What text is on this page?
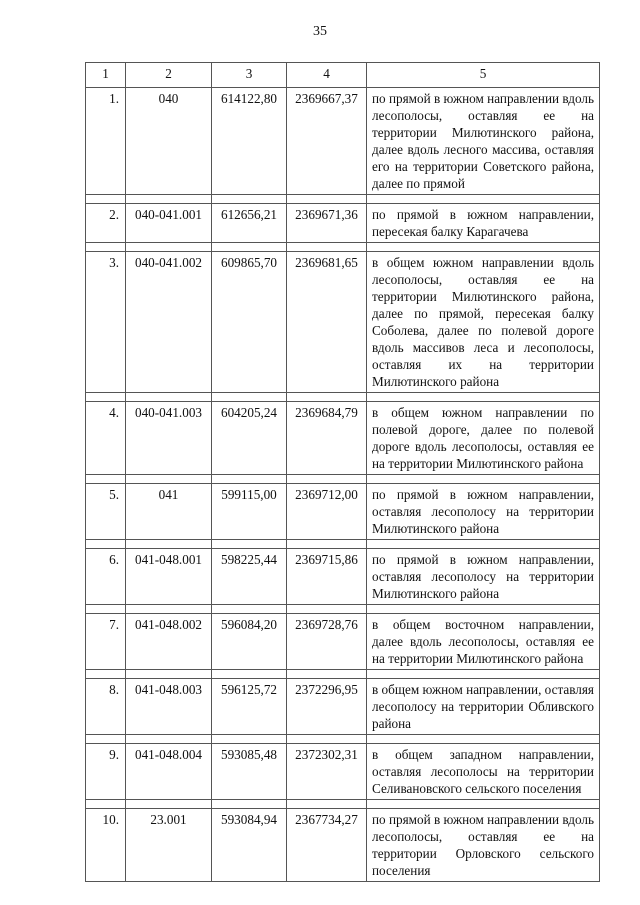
35
1	2	3	4	5
1.	040	614122,80	2369667,37	по прямой в южном направлении вдоль лесополосы, оставляя ее на территории Милютинского района, далее вдоль лесного массива, оставляя его на территории Советского района, далее по прямой

2.	040-041.001	612656,21	2369671,36	по прямой в южном направлении, пересекая балку Карагачева

3.	040-041.002	609865,70	2369681,65	в общем южном направлении вдоль лесополосы, оставляя ее на территории Милютинского района, далее по прямой, пересекая балку Соболева, далее по полевой дороге вдоль массивов леса и лесополосы, оставляя их на территории Милютинского района

4.	040-041.003	604205,24	2369684,79	в общем южном направлении по полевой дороге, далее по полевой дороге вдоль лесополосы, оставляя ее на территории Милютинского района

5.	041	599115,00	2369712,00	по прямой в южном направлении, оставляя лесополосу на территории Милютинского района

6.	041-048.001	598225,44	2369715,86	по прямой в южном направлении, оставляя лесополосу на территории Милютинского района

7.	041-048.002	596084,20	2369728,76	в общем восточном направлении, далее вдоль лесополосы, оставляя ее на территории Милютинского района

8.	041-048.003	596125,72	2372296,95	в общем южном направлении, оставляя лесополосу на территории Обливского района

9.	041-048.004	593085,48	2372302,31	в общем западном направлении, оставляя лесополосы на территории Селивановского сельского поселения

10.	23.001	593084,94	2367734,27	по прямой в южном направлении вдоль лесополосы, оставляя ее на территории Орловского сельского поселения
